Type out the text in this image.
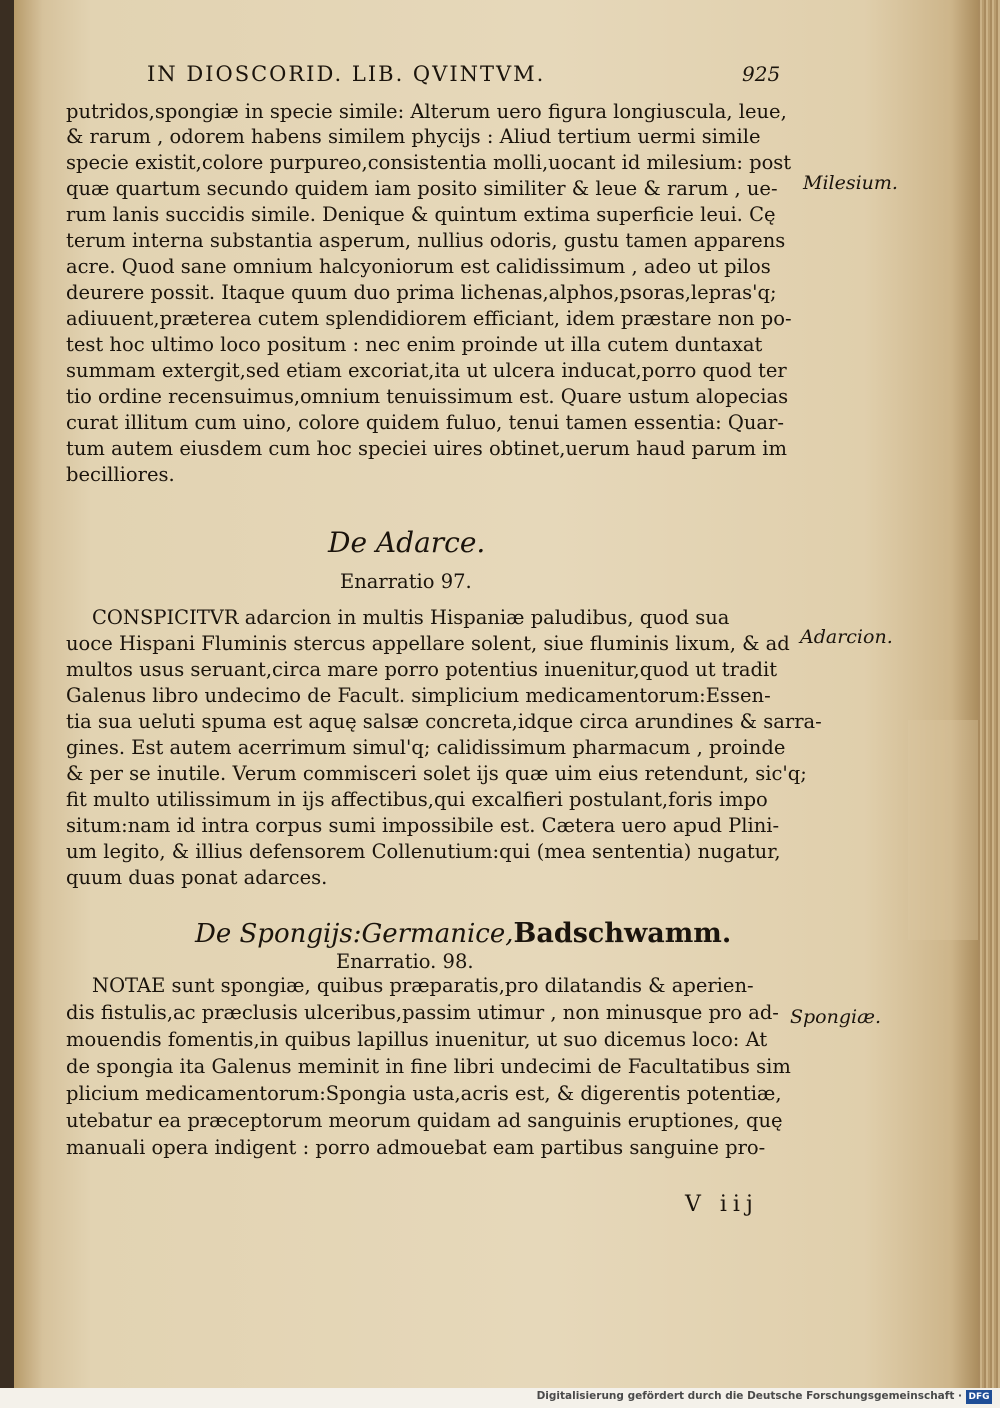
IN DIOSCORID. LIB. QVINTVM.	925
putridos,spongiæ in specie simile: Alterum uero figura longiuscula, leue,
& rarum , odorem habens similem phycijs : Aliud tertium uermi simile
specie existit,colore purpureo,consistentia molli,uocant id milesium: post
quæ quartum secundo quidem iam posito similiter & leue & rarum , ue-
rum lanis succidis simile. Denique & quintum extima superficie leui. Cę
terum interna substantia asperum, nullius odoris, gustu tamen apparens
acre. Quod sane omnium halcyoniorum est calidissimum , adeo ut pilos
deurere possit. Itaque quum duo prima lichenas,alphos,psoras,lepras'q;
adiuuent,præterea cutem splendidiorem efficiant, idem præstare non po-
test hoc ultimo loco positum : nec enim proinde ut illa cutem duntaxat
summam extergit,sed etiam excoriat,ita ut ulcera inducat,porro quod ter
tio ordine recensuimus,omnium tenuissimum est. Quare ustum alopecias
curat illitum cum uino, colore quidem fuluo, tenui tamen essentia: Quar-
tum autem eiusdem cum hoc speciei uires obtinet,uerum haud parum im
becilliores.
De Adarce.
Enarratio 97.
CONSPICITVR adarcion in multis Hispaniæ paludibus, quod sua
uoce Hispani Fluminis stercus appellare solent, siue fluminis lixum, & ad
multos usus seruant,circa mare porro potentius inuenitur,quod ut tradit
Galenus libro undecimo de Facult. simplicium medicamentorum:Essen-
tia sua ueluti spuma est aquę salsæ concreta,idque circa arundines & sarra-
gines. Est autem acerrimum simul'q; calidissimum pharmacum , proinde
& per se inutile. Verum commisceri solet ijs quæ uim eius retendunt, sic'q;
fit multo utilissimum in ijs affectibus,qui excalfieri postulant,foris impo
situm:nam id intra corpus sumi impossibile est. Cætera uero apud Plini-
um legito, & illius defensorem Collenutium:qui (mea sententia) nugatur,
quum duas ponat adarces.
De Spongijs:Germanice,Badschwamm.
Enarratio. 98.
NOTAE sunt spongiæ, quibus præparatis,pro dilatandis & aperien-
dis fistulis,ac præclusis ulceribus,passim utimur , non minusque pro ad-
mouendis fomentis,in quibus lapillus inuenitur, ut suo dicemus loco: At
de spongia ita Galenus meminit in fine libri undecimi de Facultatibus sim
plicium medicamentorum:Spongia usta,acris est, & digerentis potentiæ,
utebatur ea præceptorum meorum quidam ad sanguinis eruptiones, quę
manuali opera indigent : porro admouebat eam partibus sanguine pro-
Milesium.
Adarcion.
Spongiæ.
V iij
Digitalisierung gefördert durch die Deutsche Forschungsgemeinschaft · DFG
